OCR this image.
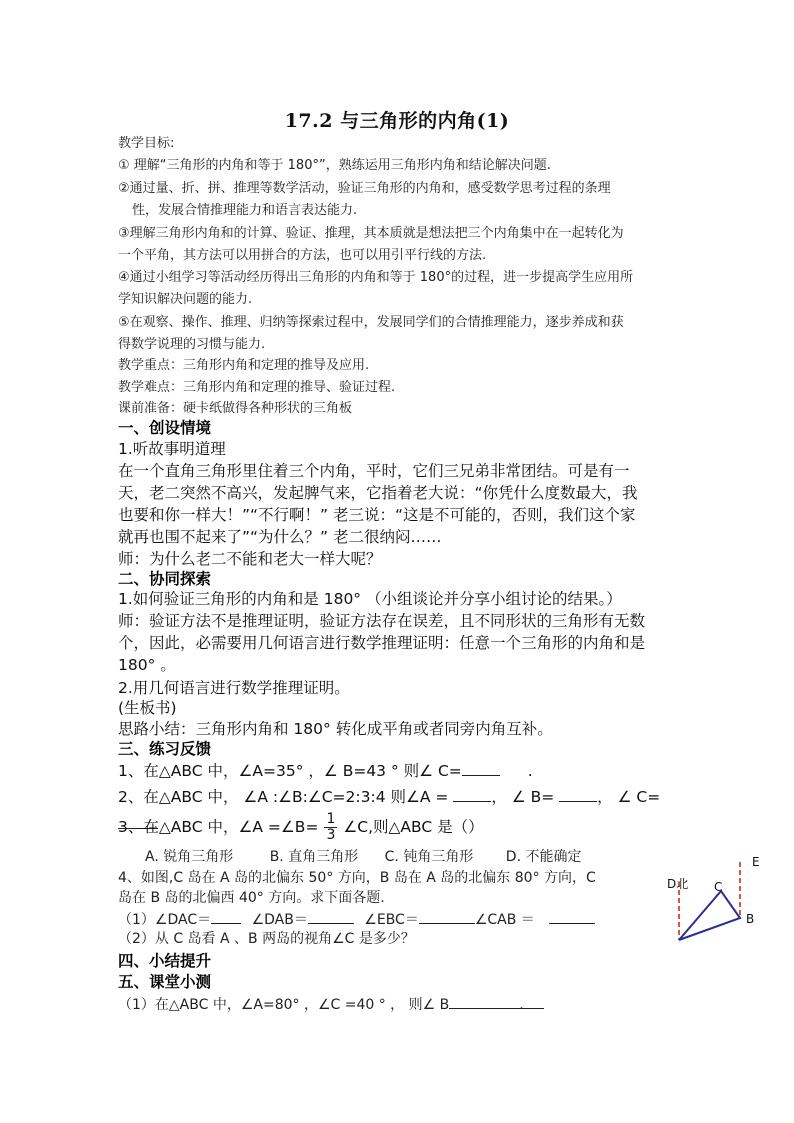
17.2 与三角形的内角(1)
教学目标:
① 理解“三角形的内角和等于 180°”，熟练运用三角形内角和结论解决问题.
②通过量、折、拼、推理等数学活动，验证三角形的内角和，感受数学思考过程的条理
性，发展合情推理能力和语言表达能力.
③理解三角形内角和的计算、验证、推理，其本质就是想法把三个内角集中在一起转化为
一个平角，其方法可以用拼合的方法，也可以用引平行线的方法.
④通过小组学习等活动经历得出三角形的内角和等于 180°的过程，进一步提高学生应用所
学知识解决问题的能力.
⑤在观察、操作、推理、归纳等探索过程中，发展同学们的合情推理能力，逐步养成和获
得数学说理的习惯与能力.
教学重点：三角形内角和定理的推导及应用.
教学难点：三角形内角和定理的推导、验证过程.
课前准备：硬卡纸做得各种形状的三角板
一、创设情境
1.听故事明道理
在一个直角三角形里住着三个内角，平时，它们三兄弟非常团结。可是有一
天，老二突然不高兴，发起脾气来，它指着老大说：“你凭什么度数最大，我
也要和你一样大！”“不行啊！” 老三说：“这是不可能的，否则，我们这个家
就再也围不起来了”“为什么？” 老二很纳闷……
师：为什么老二不能和老大一样大呢？
二、协同探索
1.如何验证三角形的内角和是 180° （小组谈论并分享小组讨论的结果。）
师：验证方法不是推理证明，验证方法存在误差，且不同形状的三角形有无数
个，因此，必需要用几何语言进行数学推理证明：任意一个三角形的内角和是
180° 。
2.用几何语言进行数学推理证明。
(生板书)
思路小结：三角形内角和 180° 转化成平角或者同旁内角互补。
三、练习反馈
1、在△ABC 中，∠A=35° ，∠ B=43 ° 则∠ C=	.
2、在△ABC 中， ∠A :∠B:∠C=2:3:4 则∠A = ， ∠ B= ， ∠ C=
3、在△ABC 中，∠A =∠B= $\frac{1}{3}$ ∠C,则△ABC 是（）
A. 锐角三角形	B. 直角三角形 C. 钝角三角形 D. 不能确定
4、如图,C 岛在 A 岛的北偏东 50° 方向，B 岛在 A 岛的北偏东 80° 方向，C
岛在 B 岛的北偏西 40° 方向。求下面各题.
（1）∠DAC＝	∠DAB＝	∠EBC＝	∠CAB ＝
（2）从 C 岛看 A 、B 两岛的视角∠C 是多少？
四、小结提升
五、课堂小测
（1）在△ABC 中，∠A=80° ，∠C =40 ° ， 则∠ B	.
D北
E
C
B
